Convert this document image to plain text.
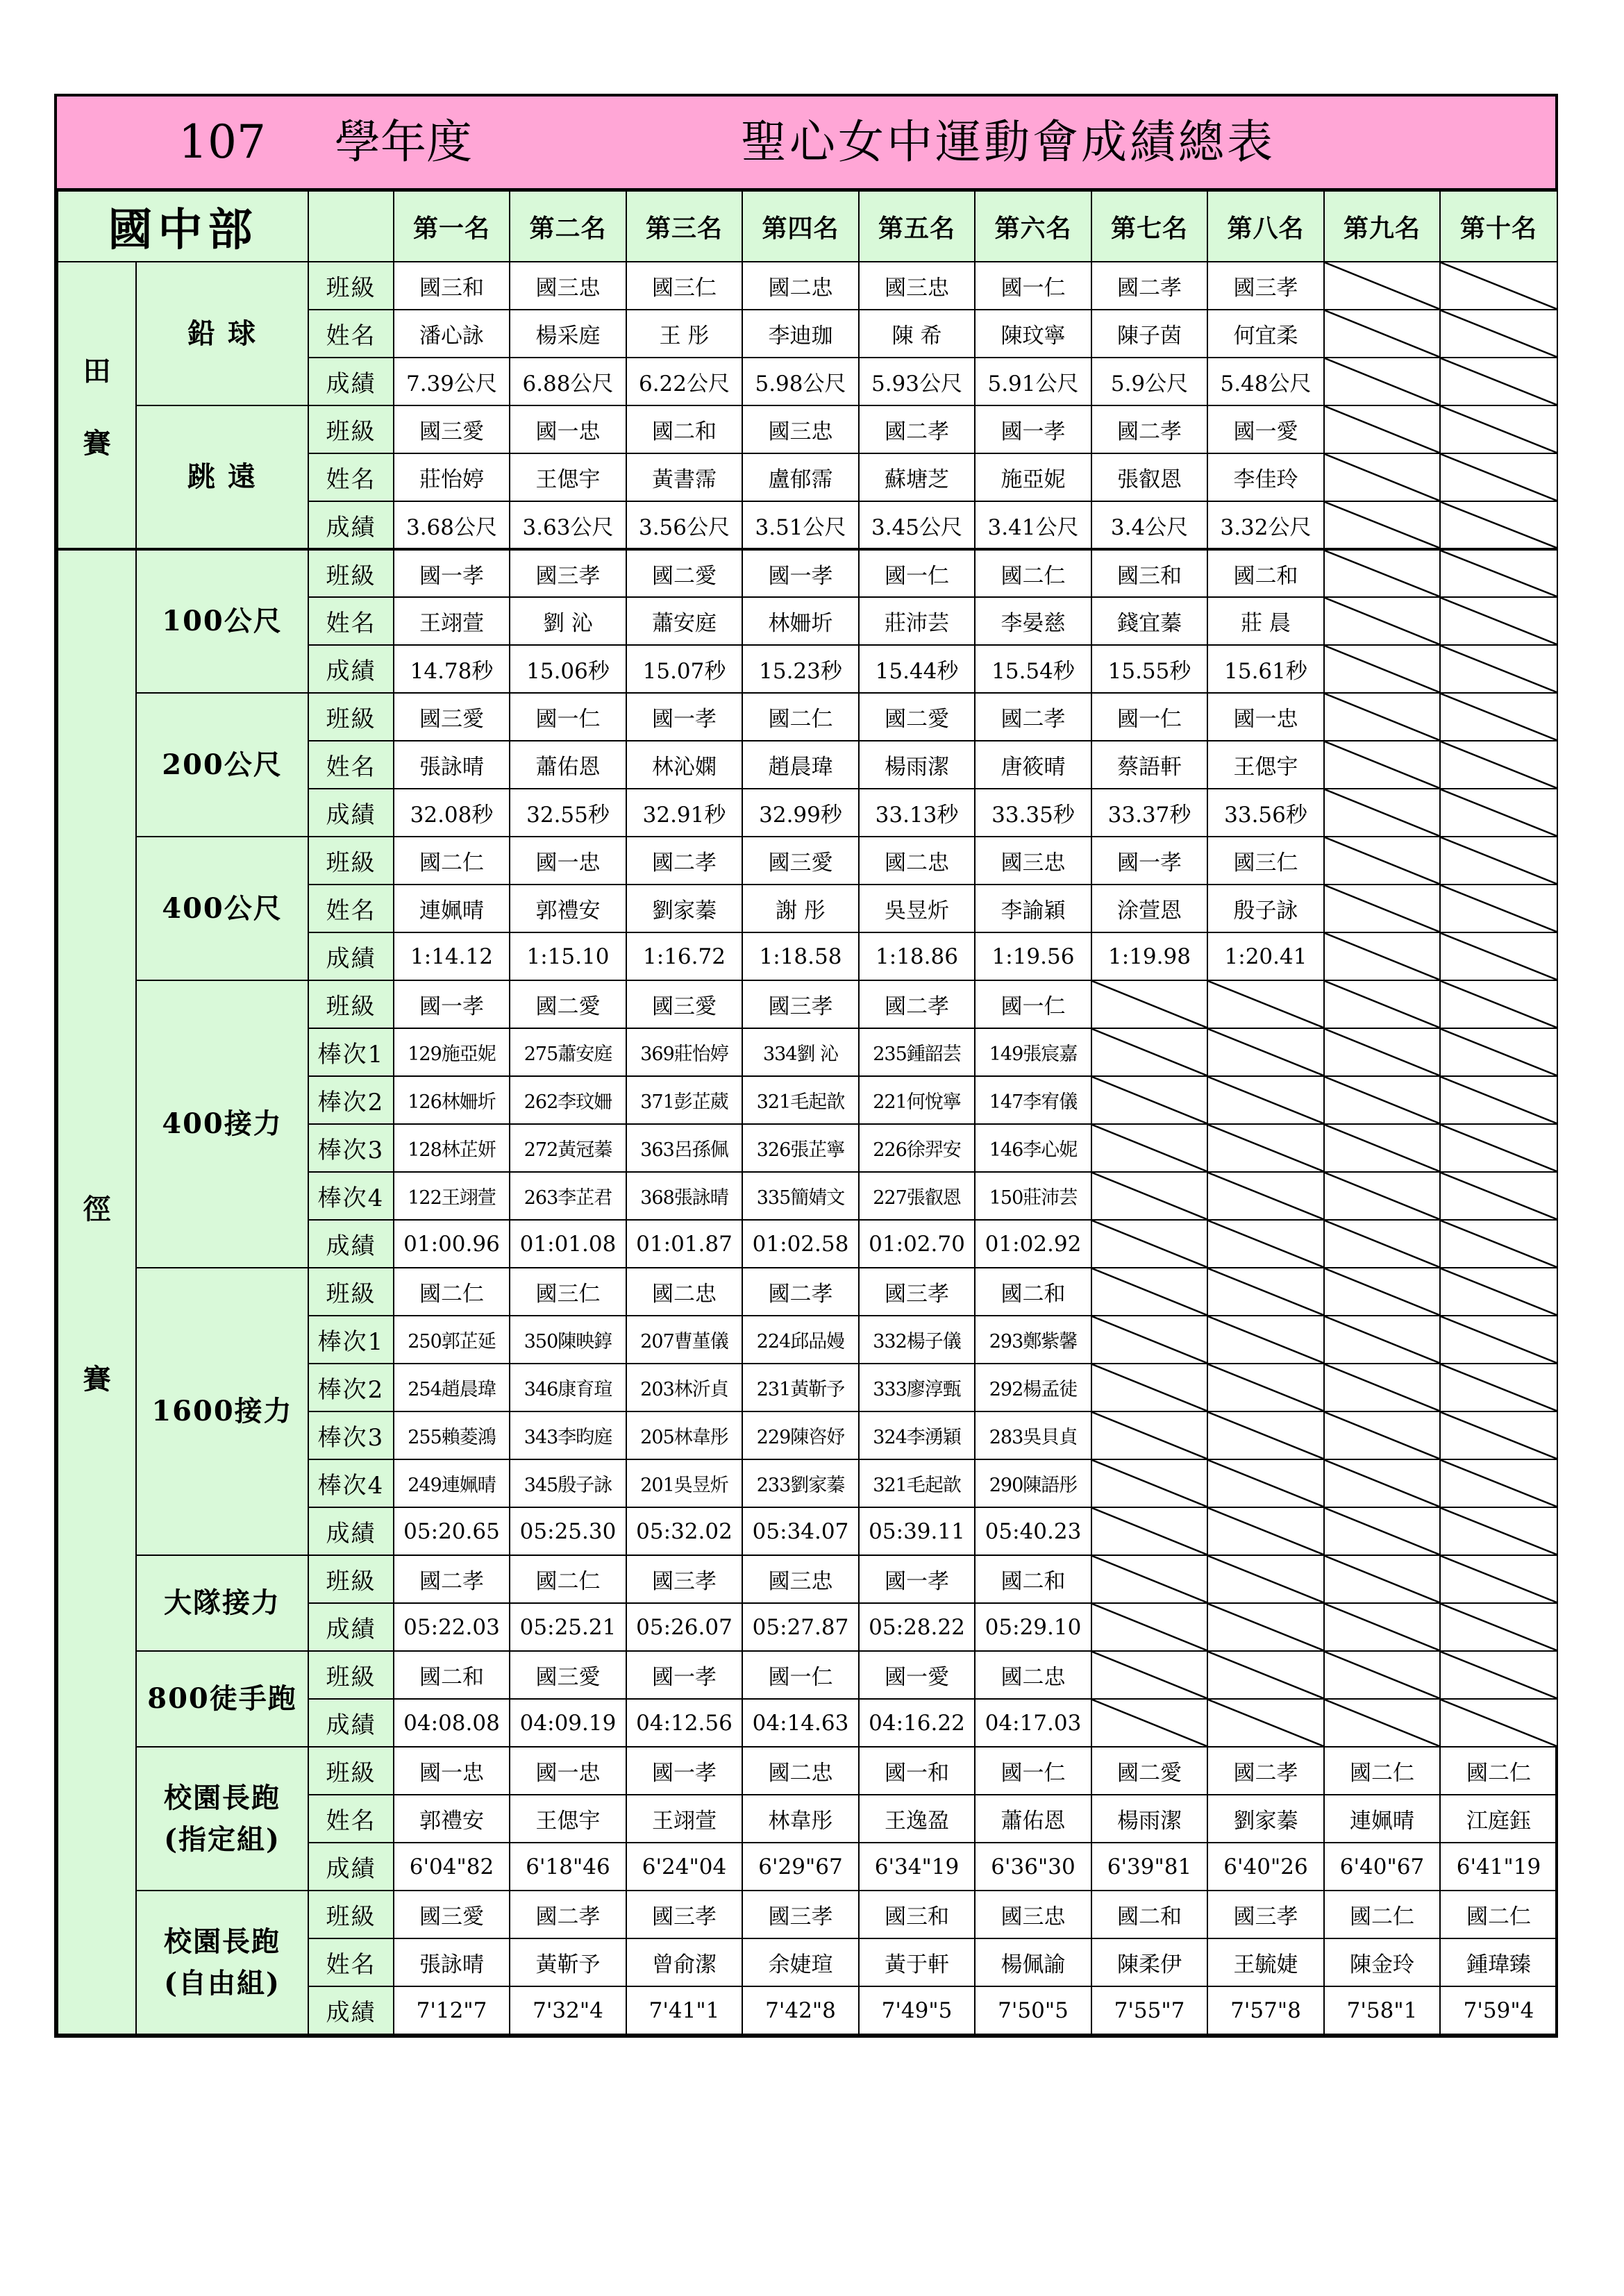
107 學年度	聖心女中運動會成績總表
國中部			第一名	第二名	第三名	第四名	第五名	第六名	第七名	第八名	第九名	第十名
田

賽	鉛 球	班級	國三和	國三忠	國三仁	國二忠	國三忠	國一仁	國二孝	國三孝		
		姓名	潘心詠	楊采庭	王 彤	李迪珈	陳 希	陳玟寧	陳子茵	何宜柔		
		成績	7.39公尺	6.88公尺	6.22公尺	5.98公尺	5.93公尺	5.91公尺	5.9公尺	5.48公尺		
	跳 遠	班級	國三愛	國一忠	國二和	國三忠	國二孝	國一孝	國二孝	國一愛		
		姓名	莊怡婷	王偲宇	黃書霈	盧郁霈	蘇塘芝	施亞妮	張叡恩	李佳玲		
		成績	3.68公尺	3.63公尺	3.56公尺	3.51公尺	3.45公尺	3.41公尺	3.4公尺	3.32公尺		
徑

賽	100公尺	班級	國一孝	國三孝	國二愛	國一孝	國一仁	國二仁	國三和	國二和		
		姓名	王翊萱	劉 沁	蕭安庭	林姍圻	莊沛芸	李晏慈	錢宜蓁	莊 晨		
		成績	14.78秒	15.06秒	15.07秒	15.23秒	15.44秒	15.54秒	15.55秒	15.61秒		
	200公尺	班級	國三愛	國一仁	國一孝	國二仁	國二愛	國二孝	國一仁	國一忠		
		姓名	張詠晴	蕭佑恩	林沁嫻	趙晨瑋	楊雨潔	唐筱晴	蔡語軒	王偲宇		
		成績	32.08秒	32.55秒	32.91秒	32.99秒	33.13秒	33.35秒	33.37秒	33.56秒		
	400公尺	班級	國二仁	國一忠	國二孝	國三愛	國二忠	國三忠	國一孝	國三仁		
		姓名	連姵晴	郭禮安	劉家蓁	謝 彤	吳昱炘	李諭穎	涂萱恩	殷子詠		
		成績	1:14.12	1:15.10	1:16.72	1:18.58	1:18.86	1:19.56	1:19.98	1:20.41		
	400接力	班級	國一孝	國二愛	國三愛	國三孝	國二孝	國一仁				
		棒次1	129施亞妮	275蕭安庭	369莊怡婷	334劉 沁	235鍾韶芸	149張宸嘉				
		棒次2	126林姍圻	262李玟姍	371彭芷葳	321毛起歆	221何悅寧	147李宥儀				
		棒次3	128林芷妍	272黃冠蓁	363呂孫佩	326張芷寧	226徐羿安	146李心妮				
		棒次4	122王翊萱	263李芷君	368張詠晴	335簡婧文	227張叡恩	150莊沛芸				
		成績	01:00.96	01:01.08	01:01.87	01:02.58	01:02.70	01:02.92				
	1600接力	班級	國二仁	國三仁	國二忠	國二孝	國三孝	國二和				
		棒次1	250郭芷延	350陳映錞	207曹堇儀	224邱品嫚	332楊子儀	293鄭紫馨				
		棒次2	254趙晨瑋	346康育瑄	203林沂貞	231黃靳予	333廖淳甄	292楊孟徒				
		棒次3	255賴菱鴻	343李昀庭	205林韋彤	229陳咨妤	324李湧穎	283吳貝貞				
		棒次4	249連姵晴	345殷子詠	201吳昱炘	233劉家蓁	321毛起歆	290陳語彤				
		成績	05:20.65	05:25.30	05:32.02	05:34.07	05:39.11	05:40.23				
	大隊接力	班級	國二孝	國二仁	國三孝	國三忠	國一孝	國二和				
		成績	05:22.03	05:25.21	05:26.07	05:27.87	05:28.22	05:29.10				
	800徒手跑	班級	國二和	國三愛	國一孝	國一仁	國一愛	國二忠				
		成績	04:08.08	04:09.19	04:12.56	04:14.63	04:16.22	04:17.03				
	校園長跑
(指定組)	班級	國一忠	國一忠	國一孝	國二忠	國一和	國一仁	國二愛	國二孝	國二仁	國二仁
		姓名	郭禮安	王偲宇	王翊萱	林韋彤	王逸盈	蕭佑恩	楊雨潔	劉家蓁	連姵晴	江庭鈺
		成績	6'04"82	6'18"46	6'24"04	6'29"67	6'34"19	6'36"30	6'39"81	6'40"26	6'40"67	6'41"19
	校園長跑
(自由組)	班級	國三愛	國二孝	國三孝	國三孝	國三和	國三忠	國二和	國三孝	國二仁	國二仁
		姓名	張詠晴	黃靳予	曾俞潔	余婕瑄	黃于軒	楊佩諭	陳柔伊	王毓婕	陳金玲	鍾瑋臻
		成績	7'12"7	7'32"4	7'41"1	7'42"8	7'49"5	7'50"5	7'55"7	7'57"8	7'58"1	7'59"4
